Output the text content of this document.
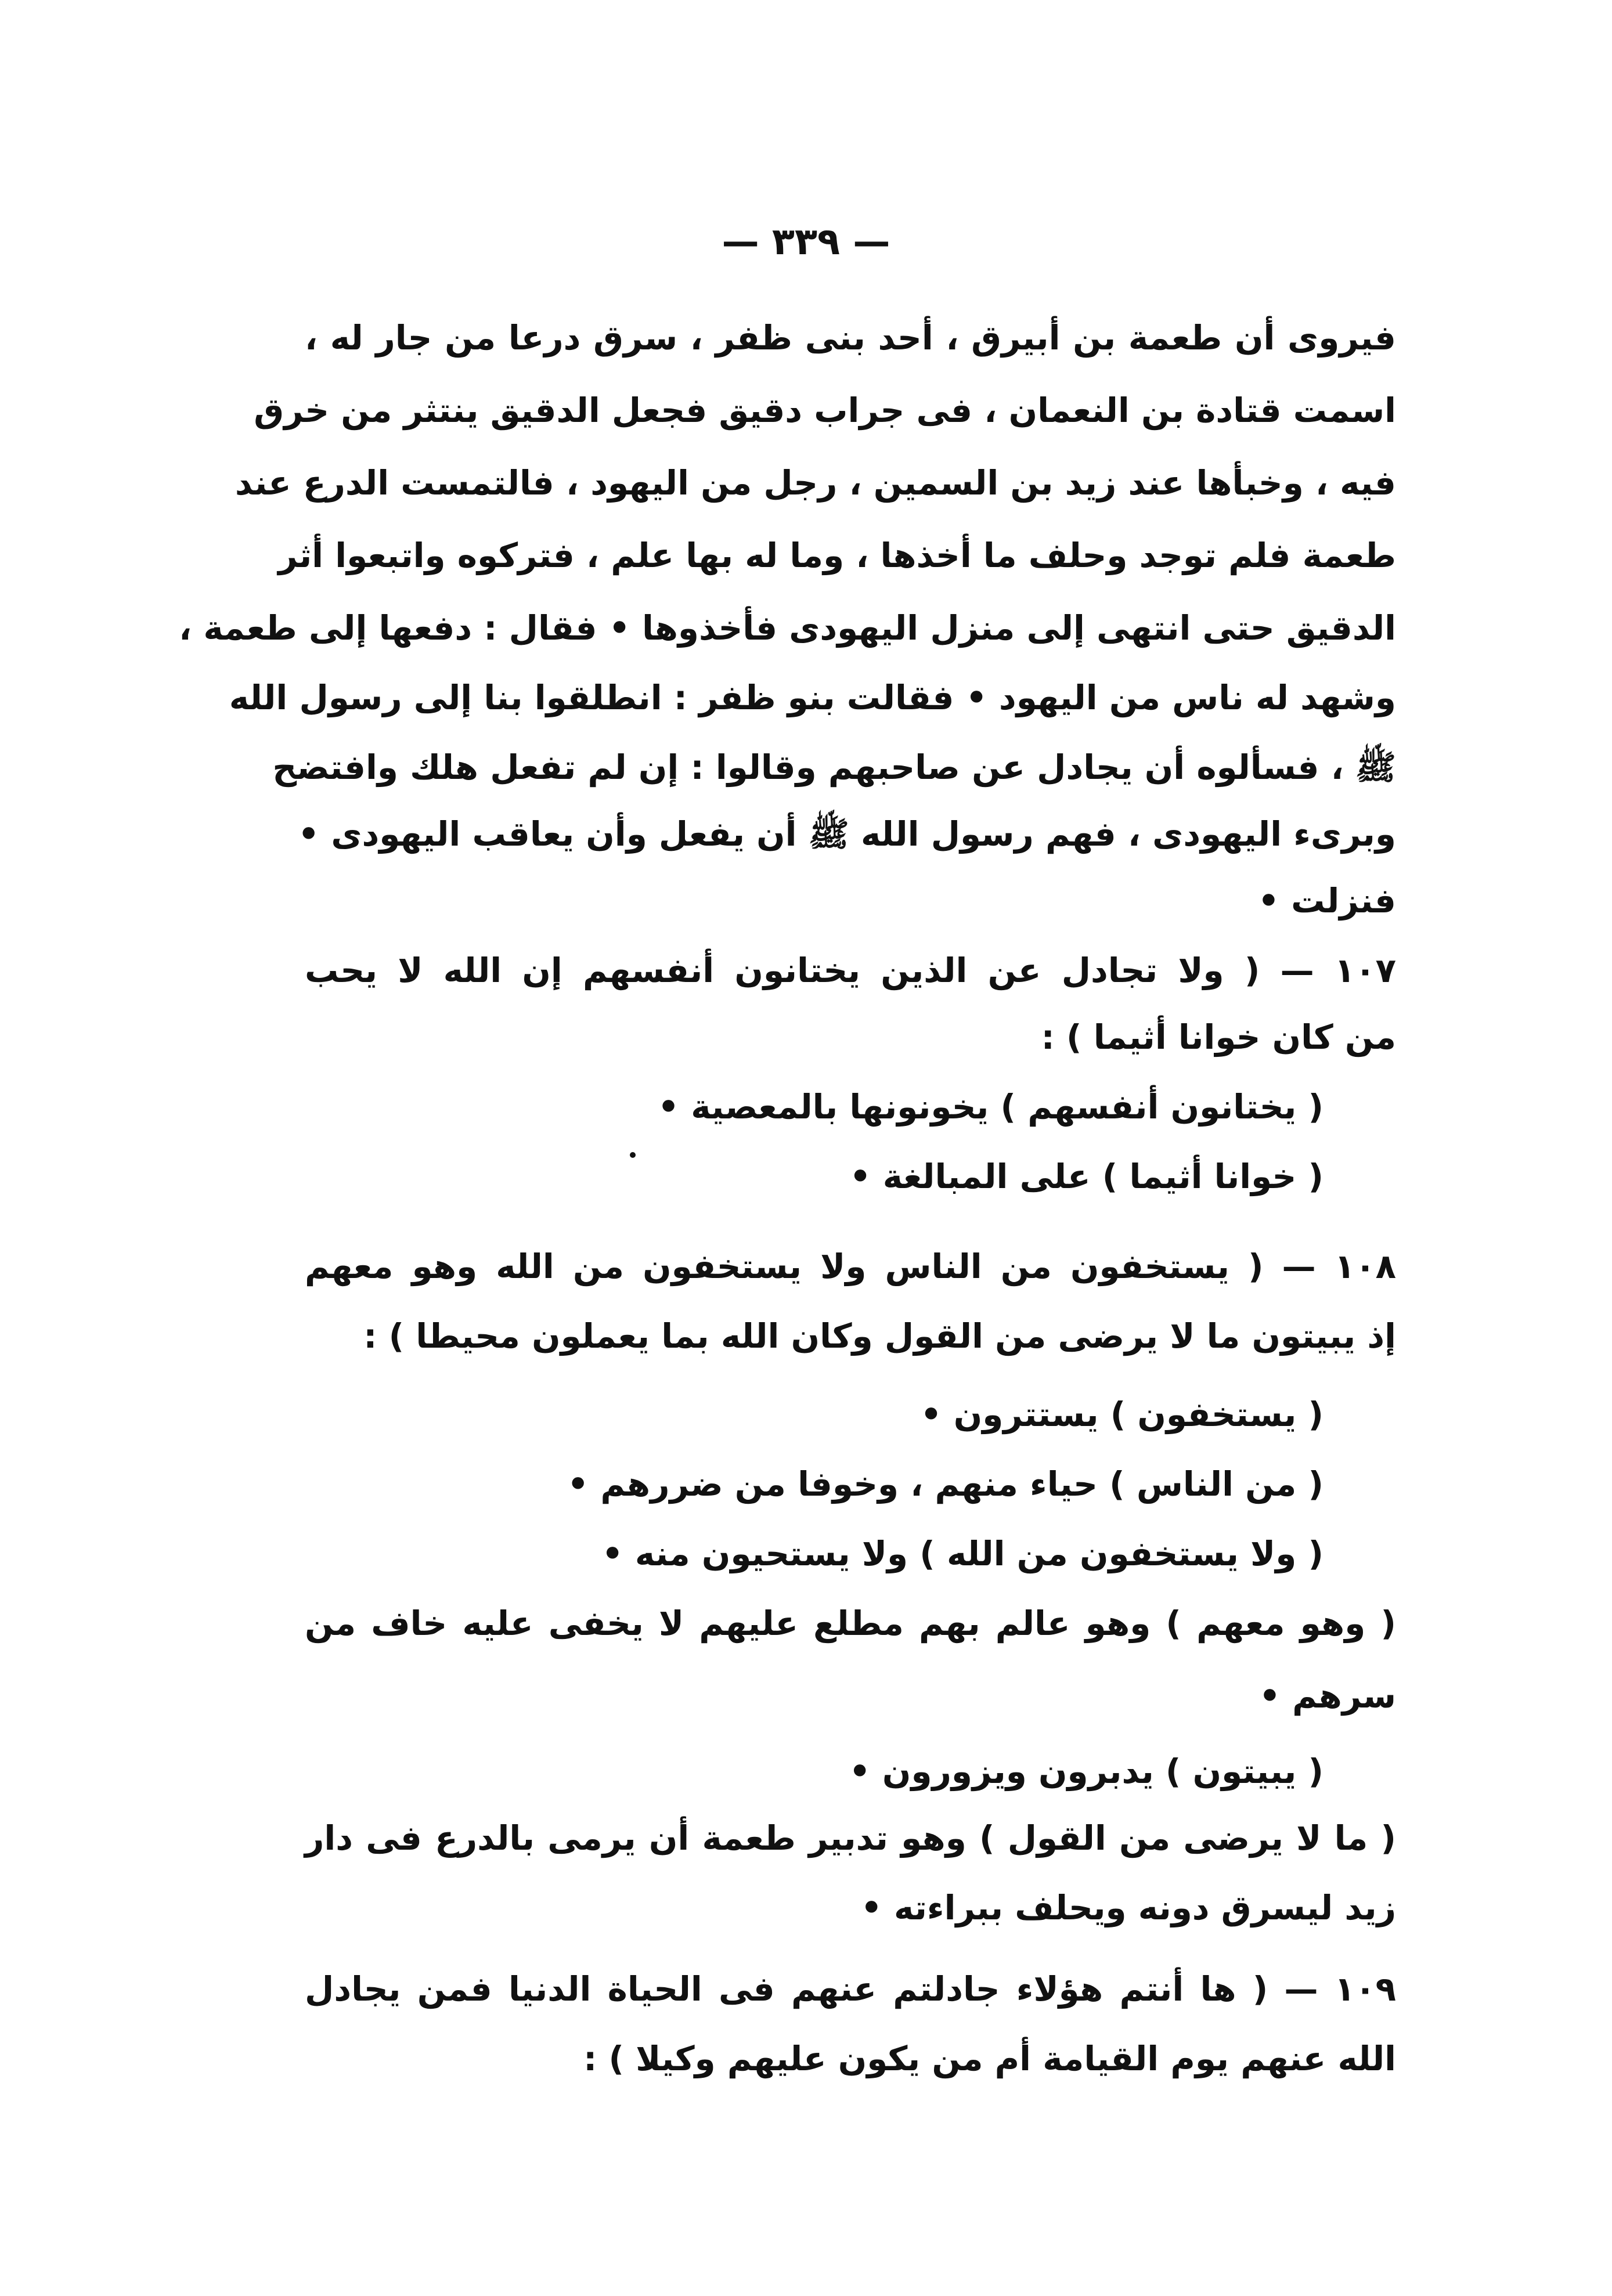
— ٣٣٩ —
فيروى أن طعمة بن أبيرق ، أحد بنى ظفر ، سرق درعا من جار له ،
اسمت قتادة بن النعمان ، فى جراب دقيق فجعل الدقيق ينتثر من خرق
فيه ، وخبأها عند زيد بن السمين ، رجل من اليهود ، فالتمست الدرع عند
طعمة فلم توجد وحلف ما أخذها ، وما له بها علم ، فتركوه واتبعوا أثر
الدقيق حتى انتهى إلى منزل اليهودى فأخذوها • فقال : دفعها إلى طعمة ،
وشهد له ناس من اليهود • فقالت بنو ظفر : انطلقوا بنا إلى رسول الله
ﷺ ، فسألوه أن يجادل عن صاحبهم وقالوا : إن لم تفعل هلك وافتضح
وبرىء اليهودى ، فهم رسول الله ﷺ أن يفعل وأن يعاقب اليهودى •
فنزلت •
١٠٧ — ( ولا تجادل عن الذين يختانون أنفسهم إن الله لا يحب
من كان خوانا أثيما ) :
( يختانون أنفسهم ) يخونونها بالمعصية •
( خوانا أثيما ) على المبالغة •
١٠٨ — ( يستخفون من الناس ولا يستخفون من الله وهو معهم
إذ يبيتون ما لا يرضى من القول وكان الله بما يعملون محيطا ) :
( يستخفون ) يستترون •
( من الناس ) حياء منهم ، وخوفا من ضررهم •
( ولا يستخفون من الله ) ولا يستحيون منه •
( وهو معهم ) وهو عالم بهم مطلع عليهم لا يخفى عليه خاف من
سرهم •
( يبيتون ) يدبرون ويزورون •
( ما لا يرضى من القول ) وهو تدبير طعمة أن يرمى بالدرع فى دار
زيد ليسرق دونه ويحلف ببراءته •
١٠٩ — ( ها أنتم هؤلاء جادلتم عنهم فى الحياة الدنيا فمن يجادل
الله عنهم يوم القيامة أم من يكون عليهم وكيلا ) :
